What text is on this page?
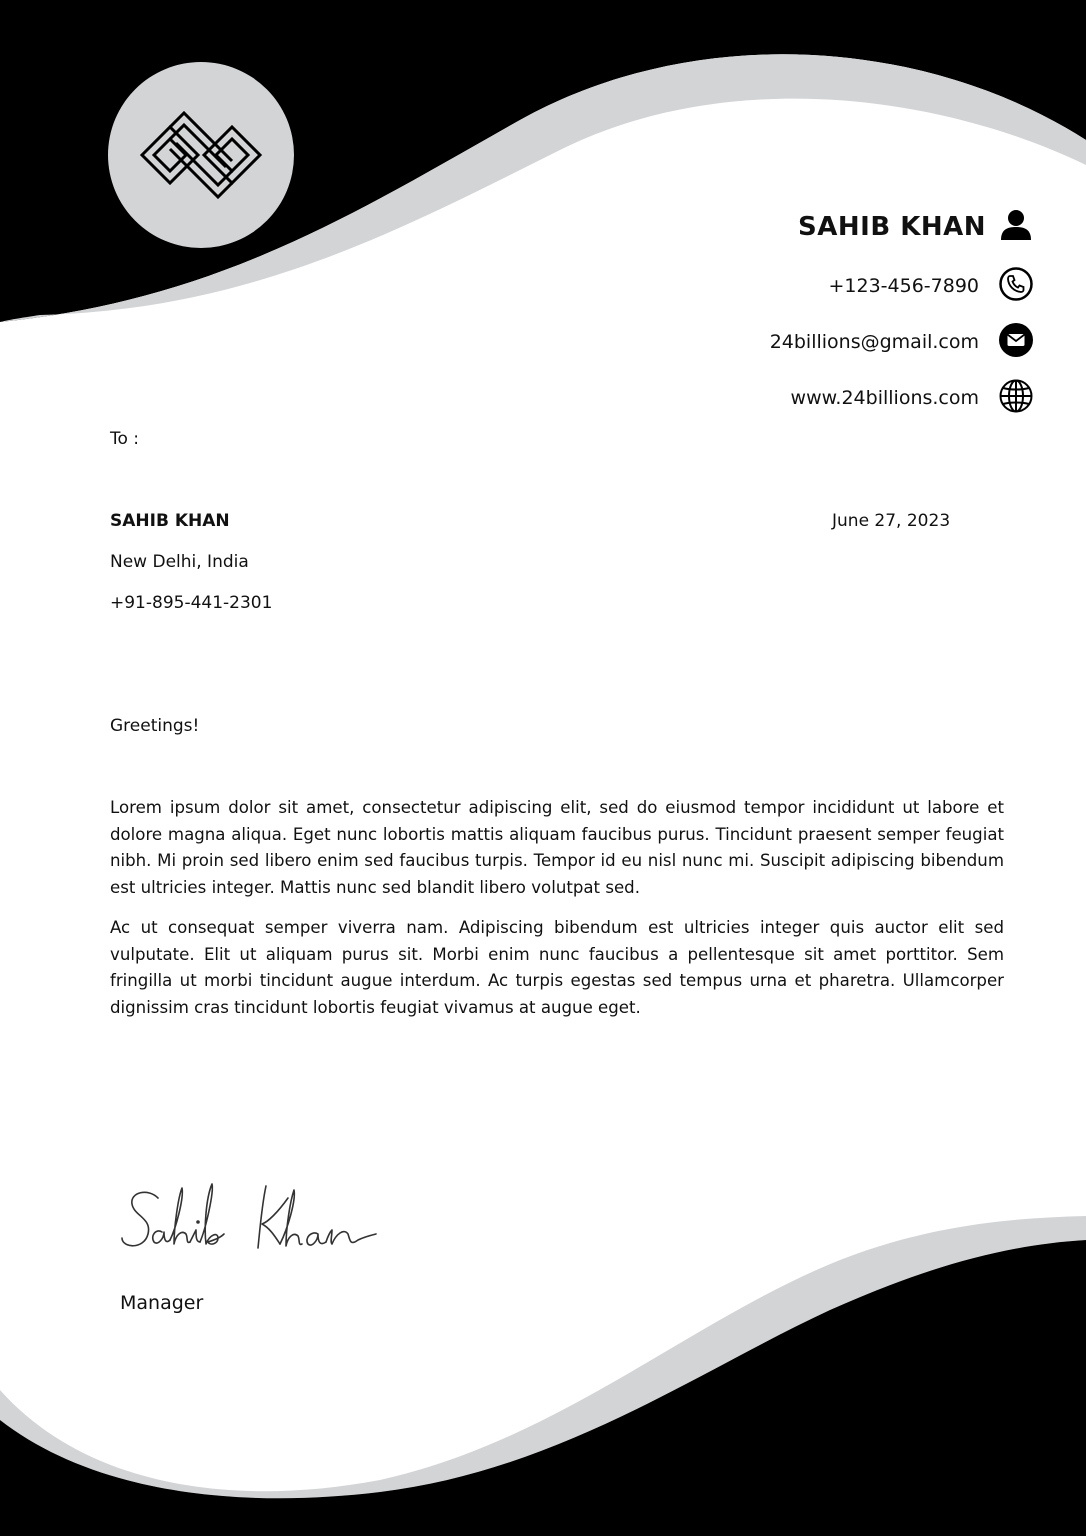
SAHIB KHAN
+123-456-7890
24billions@gmail.com
www.24billions.com
To :
SAHIB KHAN	June 27, 2023
New Delhi, India
+91-895-441-2301
Greetings!
Lorem ipsum dolor sit amet, consectetur adipiscing elit, sed do eiusmod tempor incididunt ut labore et dolore magna aliqua. Eget nunc lobortis mattis aliquam faucibus purus. Tincidunt praesent semper feugiat nibh. Mi proin sed libero enim sed faucibus turpis. Tempor id eu nisl nunc mi. Suscipit adipiscing bibendum est ultricies integer. Mattis nunc sed blandit libero volutpat sed.
Ac ut consequat semper viverra nam. Adipiscing bibendum est ultricies integer quis auctor elit sed vulputate. Elit ut aliquam purus sit. Morbi enim nunc faucibus a pellentesque sit amet porttitor. Sem fringilla ut morbi tincidunt augue interdum. Ac turpis egestas sed tempus urna et pharetra. Ullamcorper dignissim cras tincidunt lobortis feugiat vivamus at augue eget.
Manager
